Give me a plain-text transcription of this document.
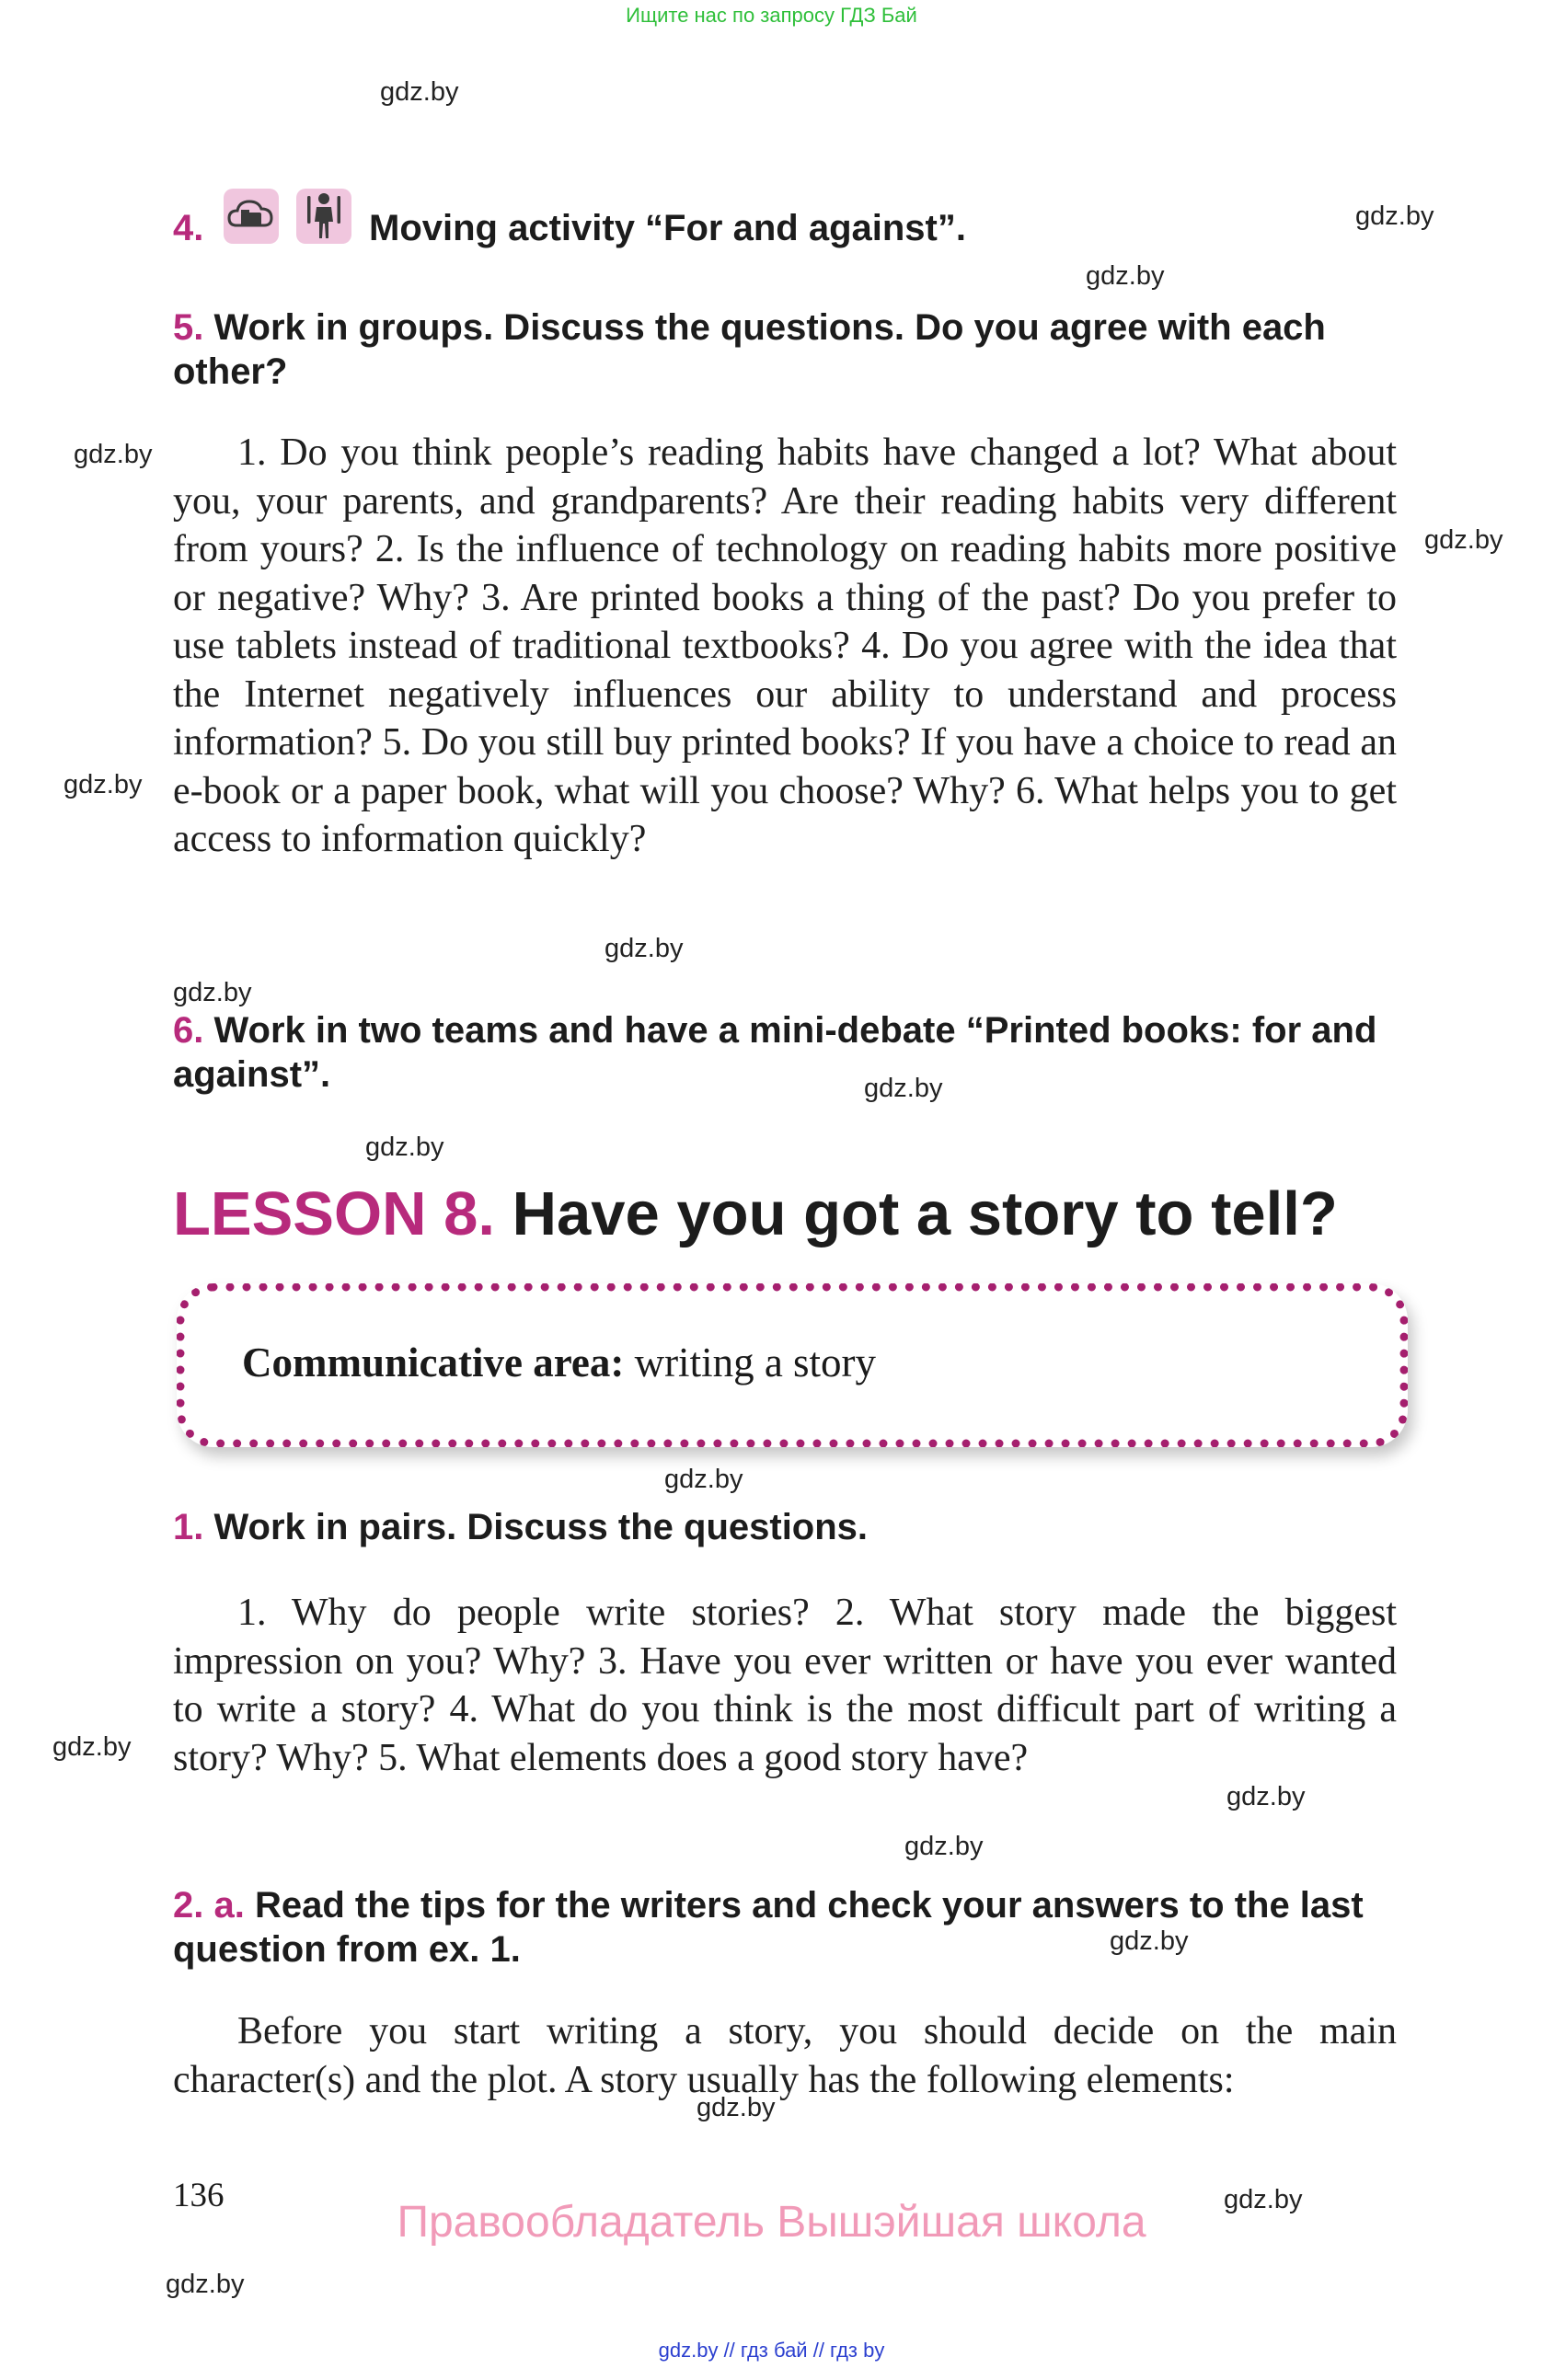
Ищите нас по запросу ГДЗ Бай
gdz.by
gdz.by
gdz.by
gdz.by
gdz.by
gdz.by
gdz.by
gdz.by
gdz.by
gdz.by
gdz.by
gdz.by
gdz.by
gdz.by
gdz.by
gdz.by
gdz.by
gdz.by
4.	Moving activity “For and against”.
5. Work in groups. Discuss the questions. Do you agree with each other?
1. Do you think people’s reading habits have changed a lot? What about you, your parents, and grandparents? Are their reading habits very different from yours? 2. Is the influence of technology on reading habits more positive or negative? Why? 3. Are printed books a thing of the past? Do you prefer to use tablets instead of traditional textbooks? 4. Do you agree with the idea that the Internet negatively influences our ability to understand and process information? 5. Do you still buy printed books? If you have a choice to read an e-book or a paper book, what will you choose? Why? 6. What helps you to get access to information quickly?
6. Work in two teams and have a mini-debate “Printed books: for and against”.
LESSON 8. Have you got a story to tell?
Communicative area: writing a story
1. Work in pairs. Discuss the questions.
1. Why do people write stories? 2. What story made the biggest impression on you? Why? 3. Have you ever written or have you ever wanted to write a story? 4. What do you think is the most difficult part of writing a story? Why? 5. What elements does a good story have?
2. a. Read the tips for the writers and check your answers to the last question from ex. 1.
Before you start writing a story, you should decide on the main character(s) and the plot. A story usually has the following elements:
136
Правообладатель Вышэйшая школа
gdz.by // гдз бай // гдз by
